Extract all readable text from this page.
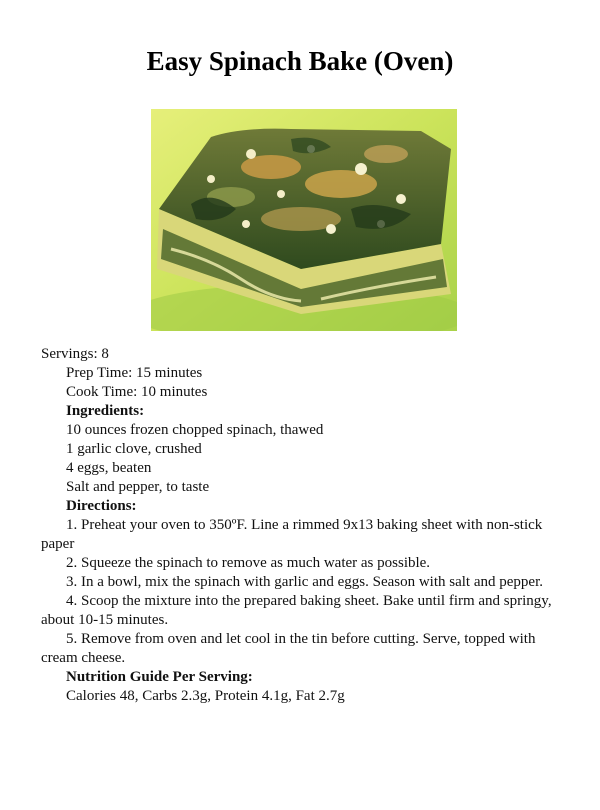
Easy Spinach Bake (Oven)

Servings: 8

Prep Time: 15 minutes

Cook Time: 10 minutes

Ingredients:

10 ounces frozen chopped spinach, thawed

1 garlic clove, crushed

4 eggs, beaten

Salt and pepper, to taste

Directions:

1. Preheat your oven to 350ºF. Line a rimmed 9x13 baking sheet with non-stick paper

2. Squeeze the spinach to remove as much water as possible.

3. In a bowl, mix the spinach with garlic and eggs. Season with salt and pepper.

4. Scoop the mixture into the prepared baking sheet. Bake until firm and springy, about 10-15 minutes.

5. Remove from oven and let cool in the tin before cutting. Serve, topped with cream cheese.

Nutrition Guide Per Serving:

Calories 48, Carbs 2.3g, Protein 4.1g, Fat 2.7g
